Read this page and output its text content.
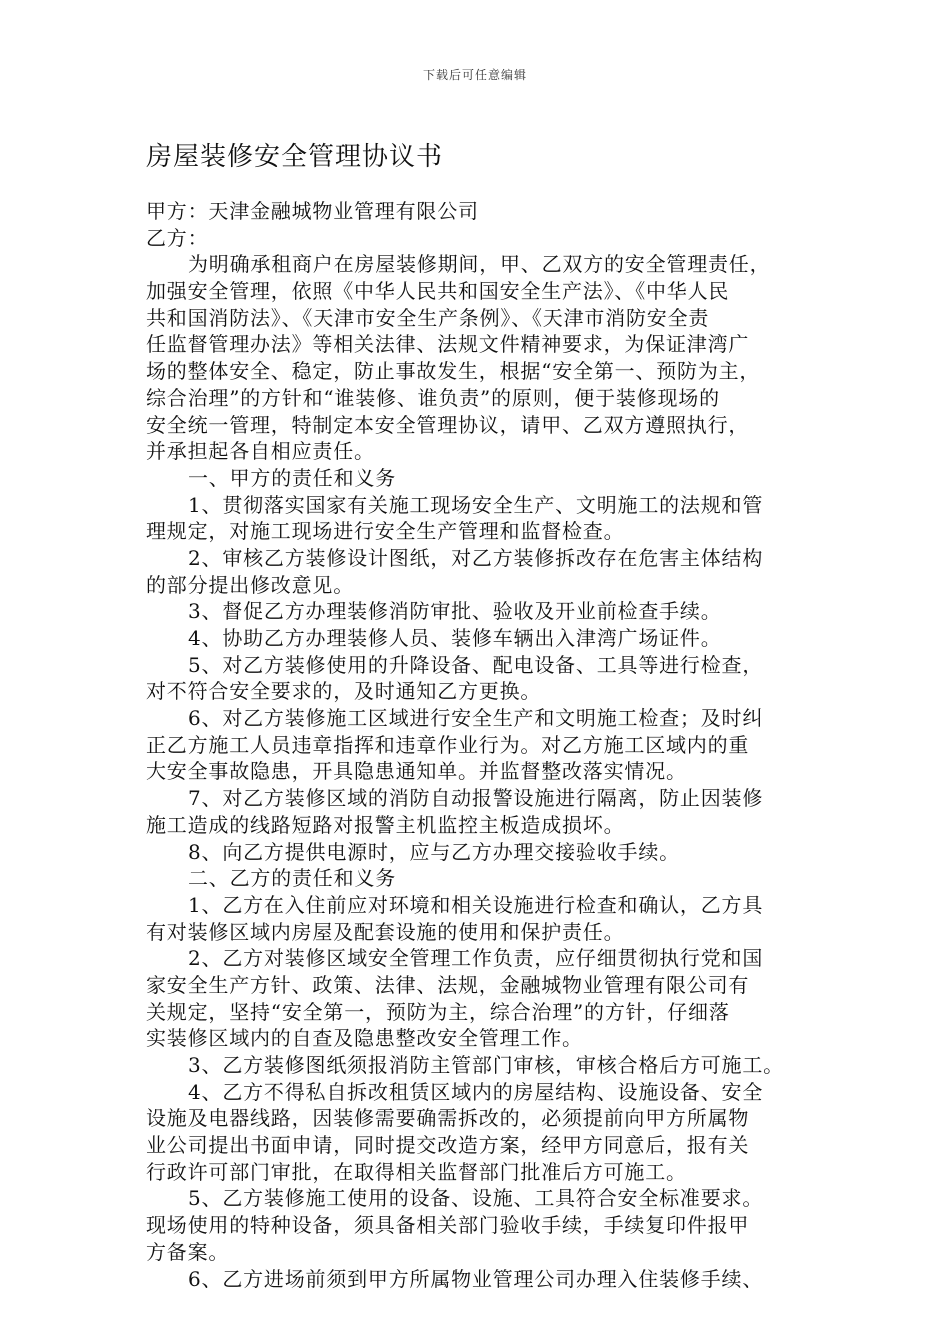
下载后可任意编辑
房屋装修安全管理协议书
甲方：天津金融城物业管理有限公司
乙方：
为明确承租商户在房屋装修期间，甲、乙双方的安全管理责任，
加强安全管理，依照《中华人民共和国安全生产法》、《中华人民
共和国消防法》、《天津市安全生产条例》、《天津市消防安全责
任监督管理办法》等相关法律、法规文件精神要求，为保证津湾广
场的整体安全、稳定，防止事故发生，根据“安全第一、预防为主，
综合治理”的方针和“谁装修、谁负责”的原则，便于装修现场的
安全统一管理，特制定本安全管理协议，请甲、乙双方遵照执行，
并承担起各自相应责任。
一、甲方的责任和义务
1、贯彻落实国家有关施工现场安全生产、文明施工的法规和管
理规定，对施工现场进行安全生产管理和监督检查。
2、审核乙方装修设计图纸，对乙方装修拆改存在危害主体结构
的部分提出修改意见。
3、督促乙方办理装修消防审批、验收及开业前检查手续。
4、协助乙方办理装修人员、装修车辆出入津湾广场证件。
5、对乙方装修使用的升降设备、配电设备、工具等进行检查，
对不符合安全要求的，及时通知乙方更换。
6、对乙方装修施工区域进行安全生产和文明施工检查；及时纠
正乙方施工人员违章指挥和违章作业行为。对乙方施工区域内的重
大安全事故隐患，开具隐患通知单。并监督整改落实情况。
7、对乙方装修区域的消防自动报警设施进行隔离，防止因装修
施工造成的线路短路对报警主机监控主板造成损坏。
8、向乙方提供电源时，应与乙方办理交接验收手续。
二、乙方的责任和义务
1、乙方在入住前应对环境和相关设施进行检查和确认，乙方具
有对装修区域内房屋及配套设施的使用和保护责任。
2、乙方对装修区域安全管理工作负责，应仔细贯彻执行党和国
家安全生产方针、政策、法律、法规，金融城物业管理有限公司有
关规定，坚持“安全第一，预防为主，综合治理”的方针，仔细落
实装修区域内的自查及隐患整改安全管理工作。
3、乙方装修图纸须报消防主管部门审核，审核合格后方可施工。
4、乙方不得私自拆改租赁区域内的房屋结构、设施设备、安全
设施及电器线路，因装修需要确需拆改的，必须提前向甲方所属物
业公司提出书面申请，同时提交改造方案，经甲方同意后，报有关
行政许可部门审批，在取得相关监督部门批准后方可施工。
5、乙方装修施工使用的设备、设施、工具符合安全标准要求。
现场使用的特种设备，须具备相关部门验收手续，手续复印件报甲
方备案。
6、乙方进场前须到甲方所属物业管理公司办理入住装修手续、
